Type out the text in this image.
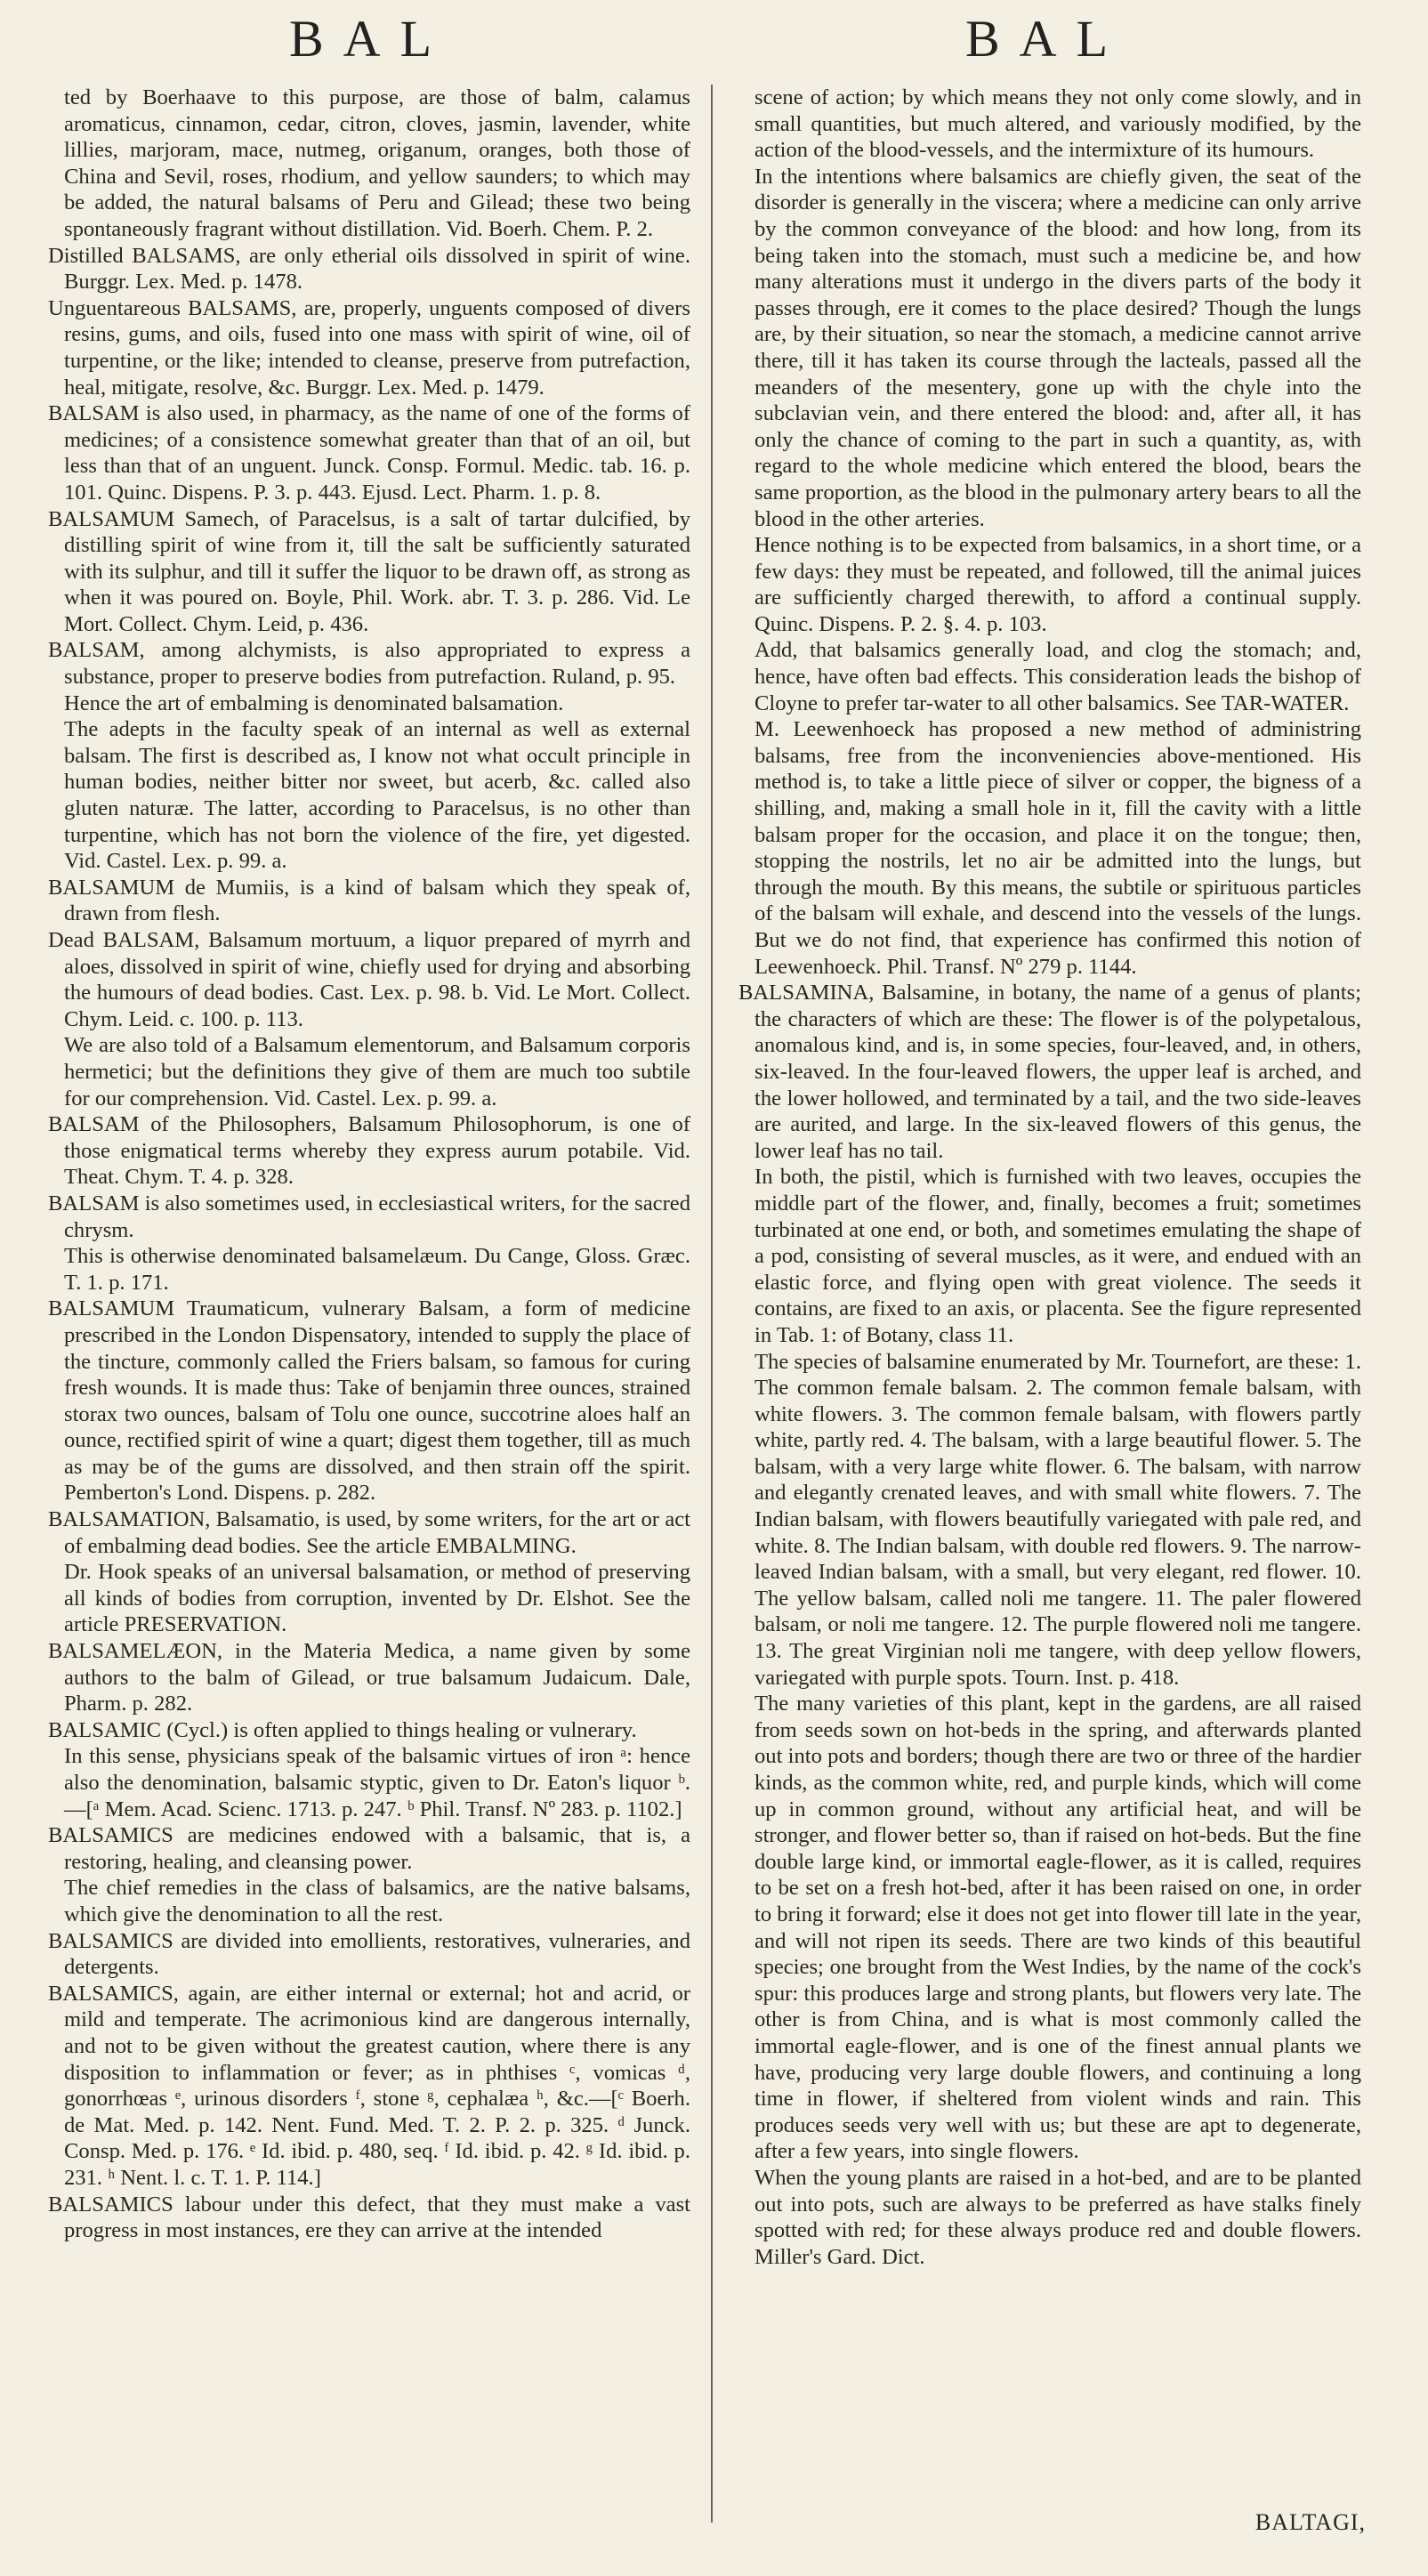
BAL	BAL

ted by Boerhaave to this purpose, are those of balm, calamus aromaticus, cinnamon, cedar, citron, cloves, jasmin, lavender, white lillies, marjoram, mace, nutmeg, origanum, oranges, both those of China and Sevil, roses, rhodium, and yellow saunders; to which may be added, the natural balsams of Peru and Gilead; these two being spontaneously fragrant without distillation. Vid. Boerh. Chem. P. 2.

Distilled BALSAMS, are only etherial oils dissolved in spirit of wine. Burggr. Lex. Med. p. 1478.

Unguentareous BALSAMS, are, properly, unguents composed of divers resins, gums, and oils, fused into one mass with spirit of wine, oil of turpentine, or the like; intended to cleanse, preserve from putrefaction, heal, mitigate, resolve, &c. Burggr. Lex. Med. p. 1479.

BALSAM is also used, in pharmacy, as the name of one of the forms of medicines; of a consistence somewhat greater than that of an oil, but less than that of an unguent. Junck. Consp. Formul. Medic. tab. 16. p. 101. Quinc. Dispens. P. 3. p. 443. Ejusd. Lect. Pharm. 1. p. 8.

BALSAMUM Samech, of Paracelsus, is a salt of tartar dulcified, by distilling spirit of wine from it, till the salt be sufficiently saturated with its sulphur, and till it suffer the liquor to be drawn off, as strong as when it was poured on. Boyle, Phil. Work. abr. T. 3. p. 286. Vid. Le Mort. Collect. Chym. Leid, p. 436.

BALSAM, among alchymists, is also appropriated to express a substance, proper to preserve bodies from putrefaction. Ruland, p. 95.

Hence the art of embalming is denominated balsamation.

The adepts in the faculty speak of an internal as well as external balsam. The first is described as, I know not what occult principle in human bodies, neither bitter nor sweet, but acerb, &c. called also gluten naturæ. The latter, according to Paracelsus, is no other than turpentine, which has not born the violence of the fire, yet digested. Vid. Castel. Lex. p. 99. a.

BALSAMUM de Mumiis, is a kind of balsam which they speak of, drawn from flesh.

Dead BALSAM, Balsamum mortuum, a liquor prepared of myrrh and aloes, dissolved in spirit of wine, chiefly used for drying and absorbing the humours of dead bodies. Cast. Lex. p. 98. b. Vid. Le Mort. Collect. Chym. Leid. c. 100. p. 113.

We are also told of a Balsamum elementorum, and Balsamum corporis hermetici; but the definitions they give of them are much too subtile for our comprehension. Vid. Castel. Lex. p. 99. a.

BALSAM of the Philosophers, Balsamum Philosophorum, is one of those enigmatical terms whereby they express aurum potabile. Vid. Theat. Chym. T. 4. p. 328.

BALSAM is also sometimes used, in ecclesiastical writers, for the sacred chrysm.

This is otherwise denominated balsamelæum. Du Cange, Gloss. Græc. T. 1. p. 171.

BALSAMUM Traumaticum, vulnerary Balsam, a form of medicine prescribed in the London Dispensatory, intended to supply the place of the tincture, commonly called the Friers balsam, so famous for curing fresh wounds. It is made thus: Take of benjamin three ounces, strained storax two ounces, balsam of Tolu one ounce, succotrine aloes half an ounce, rectified spirit of wine a quart; digest them together, till as much as may be of the gums are dissolved, and then strain off the spirit. Pemberton's Lond. Dispens. p. 282.

BALSAMATION, Balsamatio, is used, by some writers, for the art or act of embalming dead bodies. See the article EMBALMING.

Dr. Hook speaks of an universal balsamation, or method of preserving all kinds of bodies from corruption, invented by Dr. Elshot. See the article PRESERVATION.

BALSAMELÆON, in the Materia Medica, a name given by some authors to the balm of Gilead, or true balsamum Judaicum. Dale, Pharm. p. 282.

BALSAMIC (Cycl.) is often applied to things healing or vulnerary.

In this sense, physicians speak of the balsamic virtues of iron ᵃ: hence also the denomination, balsamic styptic, given to Dr. Eaton's liquor ᵇ.—[ᵃ Mem. Acad. Scienc. 1713. p. 247. ᵇ Phil. Transf. Nº 283. p. 1102.]

BALSAMICS are medicines endowed with a balsamic, that is, a restoring, healing, and cleansing power.

The chief remedies in the class of balsamics, are the native balsams, which give the denomination to all the rest.

BALSAMICS are divided into emollients, restoratives, vulneraries, and detergents.

BALSAMICS, again, are either internal or external; hot and acrid, or mild and temperate. The acrimonious kind are dangerous internally, and not to be given without the greatest caution, where there is any disposition to inflammation or fever; as in phthises ᶜ, vomicas ᵈ, gonorrhœas ᵉ, urinous disorders ᶠ, stone ᵍ, cephalæa ʰ, &c.—[ᶜ Boerh. de Mat. Med. p. 142. Nent. Fund. Med. T. 2. P. 2. p. 325. ᵈ Junck. Consp. Med. p. 176. ᵉ Id. ibid. p. 480, seq. ᶠ Id. ibid. p. 42. ᵍ Id. ibid. p. 231. ʰ Nent. l. c. T. 1. P. 114.]

BALSAMICS labour under this defect, that they must make a vast progress in most instances, ere they can arrive at the intended

scene of action; by which means they not only come slowly, and in small quantities, but much altered, and variously modified, by the action of the blood-vessels, and the intermixture of its humours.

In the intentions where balsamics are chiefly given, the seat of the disorder is generally in the viscera; where a medicine can only arrive by the common conveyance of the blood: and how long, from its being taken into the stomach, must such a medicine be, and how many alterations must it undergo in the divers parts of the body it passes through, ere it comes to the place desired? Though the lungs are, by their situation, so near the stomach, a medicine cannot arrive there, till it has taken its course through the lacteals, passed all the meanders of the mesentery, gone up with the chyle into the subclavian vein, and there entered the blood: and, after all, it has only the chance of coming to the part in such a quantity, as, with regard to the whole medicine which entered the blood, bears the same proportion, as the blood in the pulmonary artery bears to all the blood in the other arteries.

Hence nothing is to be expected from balsamics, in a short time, or a few days: they must be repeated, and followed, till the animal juices are sufficiently charged therewith, to afford a continual supply. Quinc. Dispens. P. 2. §. 4. p. 103.

Add, that balsamics generally load, and clog the stomach; and, hence, have often bad effects. This consideration leads the bishop of Cloyne to prefer tar-water to all other balsamics. See TAR-WATER.

M. Leewenhoeck has proposed a new method of administring balsams, free from the inconveniencies above-mentioned. His method is, to take a little piece of silver or copper, the bigness of a shilling, and, making a small hole in it, fill the cavity with a little balsam proper for the occasion, and place it on the tongue; then, stopping the nostrils, let no air be admitted into the lungs, but through the mouth. By this means, the subtile or spirituous particles of the balsam will exhale, and descend into the vessels of the lungs. But we do not find, that experience has confirmed this notion of Leewenhoeck. Phil. Transf. Nº 279 p. 1144.

BALSAMINA, Balsamine, in botany, the name of a genus of plants; the characters of which are these: The flower is of the polypetalous, anomalous kind, and is, in some species, four-leaved, and, in others, six-leaved. In the four-leaved flowers, the upper leaf is arched, and the lower hollowed, and terminated by a tail, and the two side-leaves are aurited, and large. In the six-leaved flowers of this genus, the lower leaf has no tail.

In both, the pistil, which is furnished with two leaves, occupies the middle part of the flower, and, finally, becomes a fruit; sometimes turbinated at one end, or both, and sometimes emulating the shape of a pod, consisting of several muscles, as it were, and endued with an elastic force, and flying open with great violence. The seeds it contains, are fixed to an axis, or placenta. See the figure represented in Tab. 1: of Botany, class 11.

The species of balsamine enumerated by Mr. Tournefort, are these: 1. The common female balsam. 2. The common female balsam, with white flowers. 3. The common female balsam, with flowers partly white, partly red. 4. The balsam, with a large beautiful flower. 5. The balsam, with a very large white flower. 6. The balsam, with narrow and elegantly crenated leaves, and with small white flowers. 7. The Indian balsam, with flowers beautifully variegated with pale red, and white. 8. The Indian balsam, with double red flowers. 9. The narrow-leaved Indian balsam, with a small, but very elegant, red flower. 10. The yellow balsam, called noli me tangere. 11. The paler flowered balsam, or noli me tangere. 12. The purple flowered noli me tangere. 13. The great Virginian noli me tangere, with deep yellow flowers, variegated with purple spots. Tourn. Inst. p. 418.

The many varieties of this plant, kept in the gardens, are all raised from seeds sown on hot-beds in the spring, and afterwards planted out into pots and borders; though there are two or three of the hardier kinds, as the common white, red, and purple kinds, which will come up in common ground, without any artificial heat, and will be stronger, and flower better so, than if raised on hot-beds. But the fine double large kind, or immortal eagle-flower, as it is called, requires to be set on a fresh hot-bed, after it has been raised on one, in order to bring it forward; else it does not get into flower till late in the year, and will not ripen its seeds. There are two kinds of this beautiful species; one brought from the West Indies, by the name of the cock's spur: this produces large and strong plants, but flowers very late. The other is from China, and is what is most commonly called the immortal eagle-flower, and is one of the finest annual plants we have, producing very large double flowers, and continuing a long time in flower, if sheltered from violent winds and rain. This produces seeds very well with us; but these are apt to degenerate, after a few years, into single flowers.

When the young plants are raised in a hot-bed, and are to be planted out into pots, such are always to be preferred as have stalks finely spotted with red; for these always produce red and double flowers. Miller's Gard. Dict.

BALTAGI,
